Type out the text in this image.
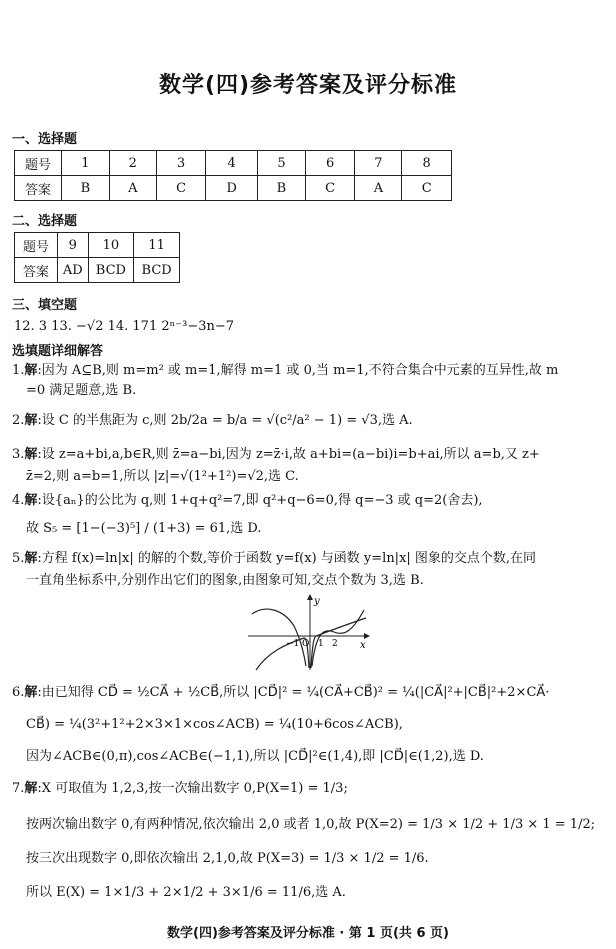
数学(四)参考答案及评分标准
一、选择题
题号	1	2	3	4	5	6	7	8
答案	B	A	C	D	B	C	A	C
二、选择题
题号	9	10	11
答案	AD	BCD	BCD
三、填空题
12. 3 13. −√2 14. 171 2ⁿ⁻³−3n−7
选填题详细解答
1.解:因为 A⊆B,则 m=m² 或 m=1,解得 m=1 或 0,当 m=1,不符合集合中元素的互异性,故 m
=0 满足题意,选 B.
2.解:设 C 的半焦距为 c,则 2b/2a = b/a = √(c²/a² − 1) = √3,选 A.
3.解:设 z=a+bi,a,b∈R,则 z̄=a−bi,因为 z=z̄·i,故 a+bi=(a−bi)i=b+ai,所以 a=b,又 z+
z̄=2,则 a=b=1,所以 |z|=√(1²+1²)=√2,选 C.
4.解:设{aₙ}的公比为 q,则 1+q+q²=7,即 q²+q−6=0,得 q=−3 或 q=2(舍去),
故 S₅ = [1−(−3)⁵] / (1+3) = 61,选 D.
5.解:方程 f(x)=ln|x| 的解的个数,等价于函数 y=f(x) 与函数 y=ln|x| 图象的交点个数,在同
一直角坐标系中,分别作出它们的图象,由图象可知,交点个数为 3,选 B.
x
y
O
−1 1 2
6.解:由已知得 CD⃗ = ½CA⃗ + ½CB⃗,所以 |CD⃗|² = ¼(CA⃗+CB⃗)² = ¼(|CA⃗|²+|CB⃗|²+2×CA⃗·
CB⃗) = ¼(3²+1²+2×3×1×cos∠ACB) = ¼(10+6cos∠ACB),
因为∠ACB∈(0,π),cos∠ACB∈(−1,1),所以 |CD⃗|²∈(1,4),即 |CD⃗|∈(1,2),选 D.
7.解:X 可取值为 1,2,3,按一次输出数字 0,P(X=1) = 1/3;
按两次输出数字 0,有两种情况,依次输出 2,0 或者 1,0,故 P(X=2) = 1/3 × 1/2 + 1/3 × 1 = 1/2;
按三次出现数字 0,即依次输出 2,1,0,故 P(X=3) = 1/3 × 1/2 = 1/6.
所以 E(X) = 1×1/3 + 2×1/2 + 3×1/6 = 11/6,选 A.
数学(四)参考答案及评分标准 · 第 1 页(共 6 页)
